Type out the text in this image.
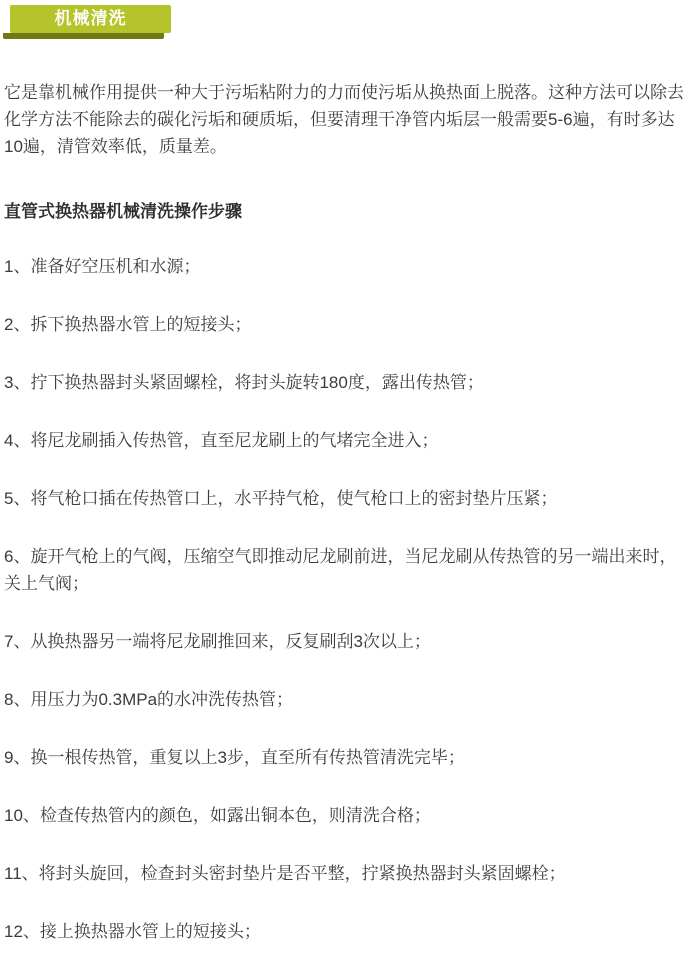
机械清洗

它是靠机械作用提供一种大于污垢粘附力的力而使污垢从换热面上脱落。这种方法可以除去化学方法不能除去的碳化污垢和硬质垢，但要清理干净管内垢层一般需要5-6遍，有时多达10遍，清管效率低，质量差。

直管式换热器机械清洗操作步骤

1、准备好空压机和水源；

2、拆下换热器水管上的短接头；

3、拧下换热器封头紧固螺栓，将封头旋转180度，露出传热管；

4、将尼龙刷插入传热管，直至尼龙刷上的气堵完全进入；

5、将气枪口插在传热管口上，水平持气枪，使气枪口上的密封垫片压紧；

6、旋开气枪上的气阀，压缩空气即推动尼龙刷前进，当尼龙刷从传热管的另一端出来时，关上气阀；

7、从换热器另一端将尼龙刷推回来，反复刷刮3次以上；

8、用压力为0.3MPa的水冲洗传热管；

9、换一根传热管，重复以上3步，直至所有传热管清洗完毕；

10、检查传热管内的颜色，如露出铜本色，则清洗合格；

11、将封头旋回，检查封头密封垫片是否平整，拧紧换热器封头紧固螺栓；

12、接上换热器水管上的短接头；
